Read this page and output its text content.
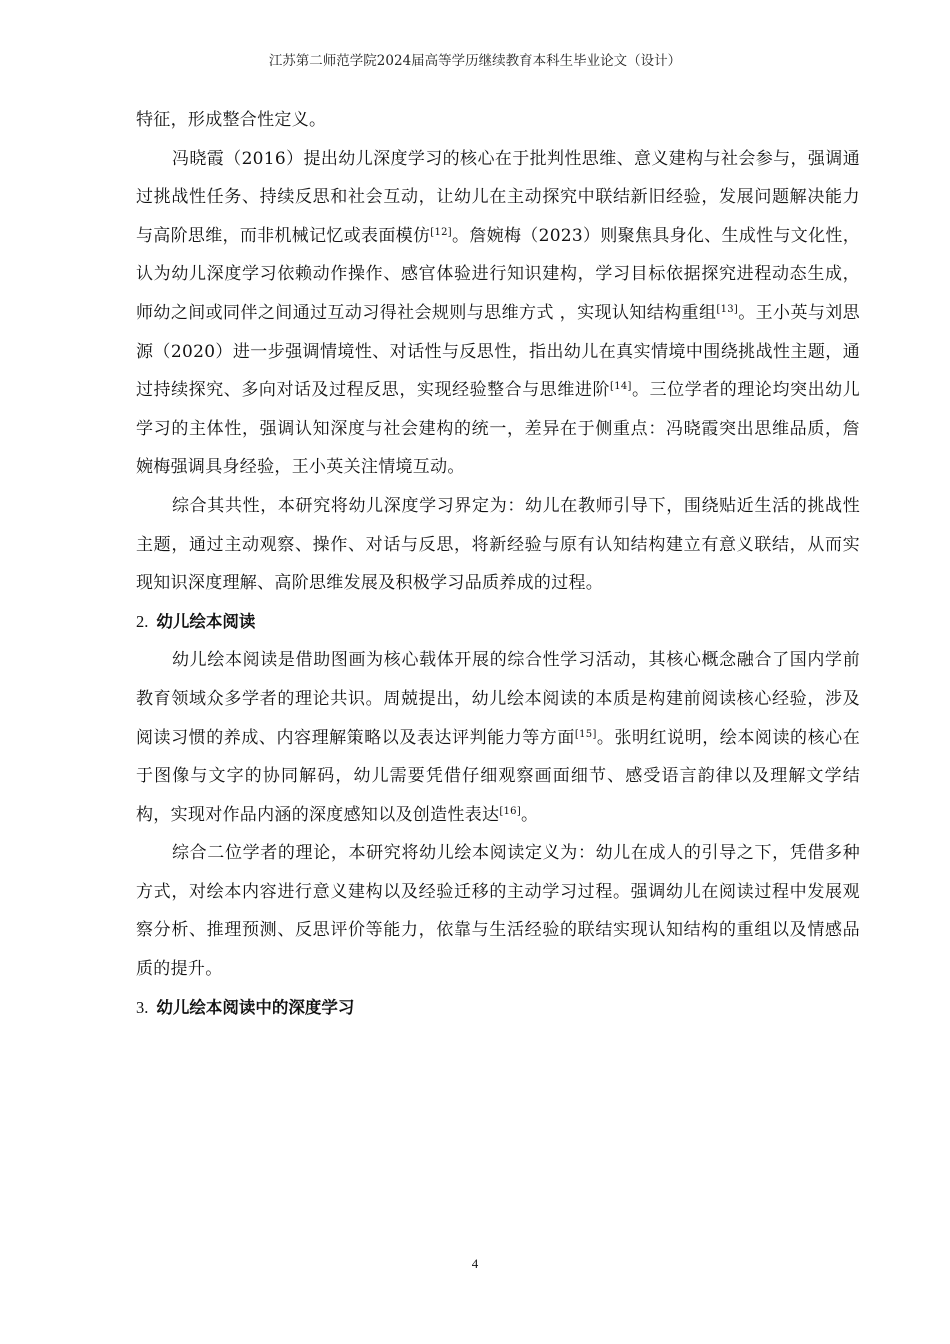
江苏第二师范学院2024届高等学历继续教育本科生毕业论文（设计）

特征，形成整合性定义。

冯晓霞（2016）提出幼儿深度学习的核心在于批判性思维、意义建构与社会参与，强调通过挑战性任务、持续反思和社会互动，让幼儿在主动探究中联结新旧经验，发展问题解决能力与高阶思维，而非机械记忆或表面模仿[12]。詹婉梅（2023）则聚焦具身化、生成性与文化性，认为幼儿深度学习依赖动作操作、感官体验进行知识建构，学习目标依据探究进程动态生成，师幼之间或同伴之间通过互动习得社会规则与思维方式 ，实现认知结构重组[13]。王小英与刘思源（2020）进一步强调情境性、对话性与反思性，指出幼儿在真实情境中围绕挑战性主题，通过持续探究、多向对话及过程反思，实现经验整合与思维进阶[14]。三位学者的理论均突出幼儿学习的主体性，强调认知深度与社会建构的统一，差异在于侧重点：冯晓霞突出思维品质，詹婉梅强调具身经验，王小英关注情境互动。

综合其共性，本研究将幼儿深度学习界定为：幼儿在教师引导下，围绕贴近生活的挑战性主题，通过主动观察、操作、对话与反思，将新经验与原有认知结构建立有意义联结，从而实现知识深度理解、高阶思维发展及积极学习品质养成的过程。

2. 幼儿绘本阅读

幼儿绘本阅读是借助图画为核心载体开展的综合性学习活动，其核心概念融合了国内学前教育领域众多学者的理论共识。周兢提出，幼儿绘本阅读的本质是构建前阅读核心经验，涉及阅读习惯的养成、内容理解策略以及表达评判能力等方面[15]。张明红说明，绘本阅读的核心在于图像与文字的协同解码，幼儿需要凭借仔细观察画面细节、感受语言韵律以及理解文学结构，实现对作品内涵的深度感知以及创造性表达[16]。

综合二位学者的理论，本研究将幼儿绘本阅读定义为：幼儿在成人的引导之下，凭借多种方式，对绘本内容进行意义建构以及经验迁移的主动学习过程。强调幼儿在阅读过程中发展观察分析、推理预测、反思评价等能力，依靠与生活经验的联结实现认知结构的重组以及情感品质的提升。

3. 幼儿绘本阅读中的深度学习

4
